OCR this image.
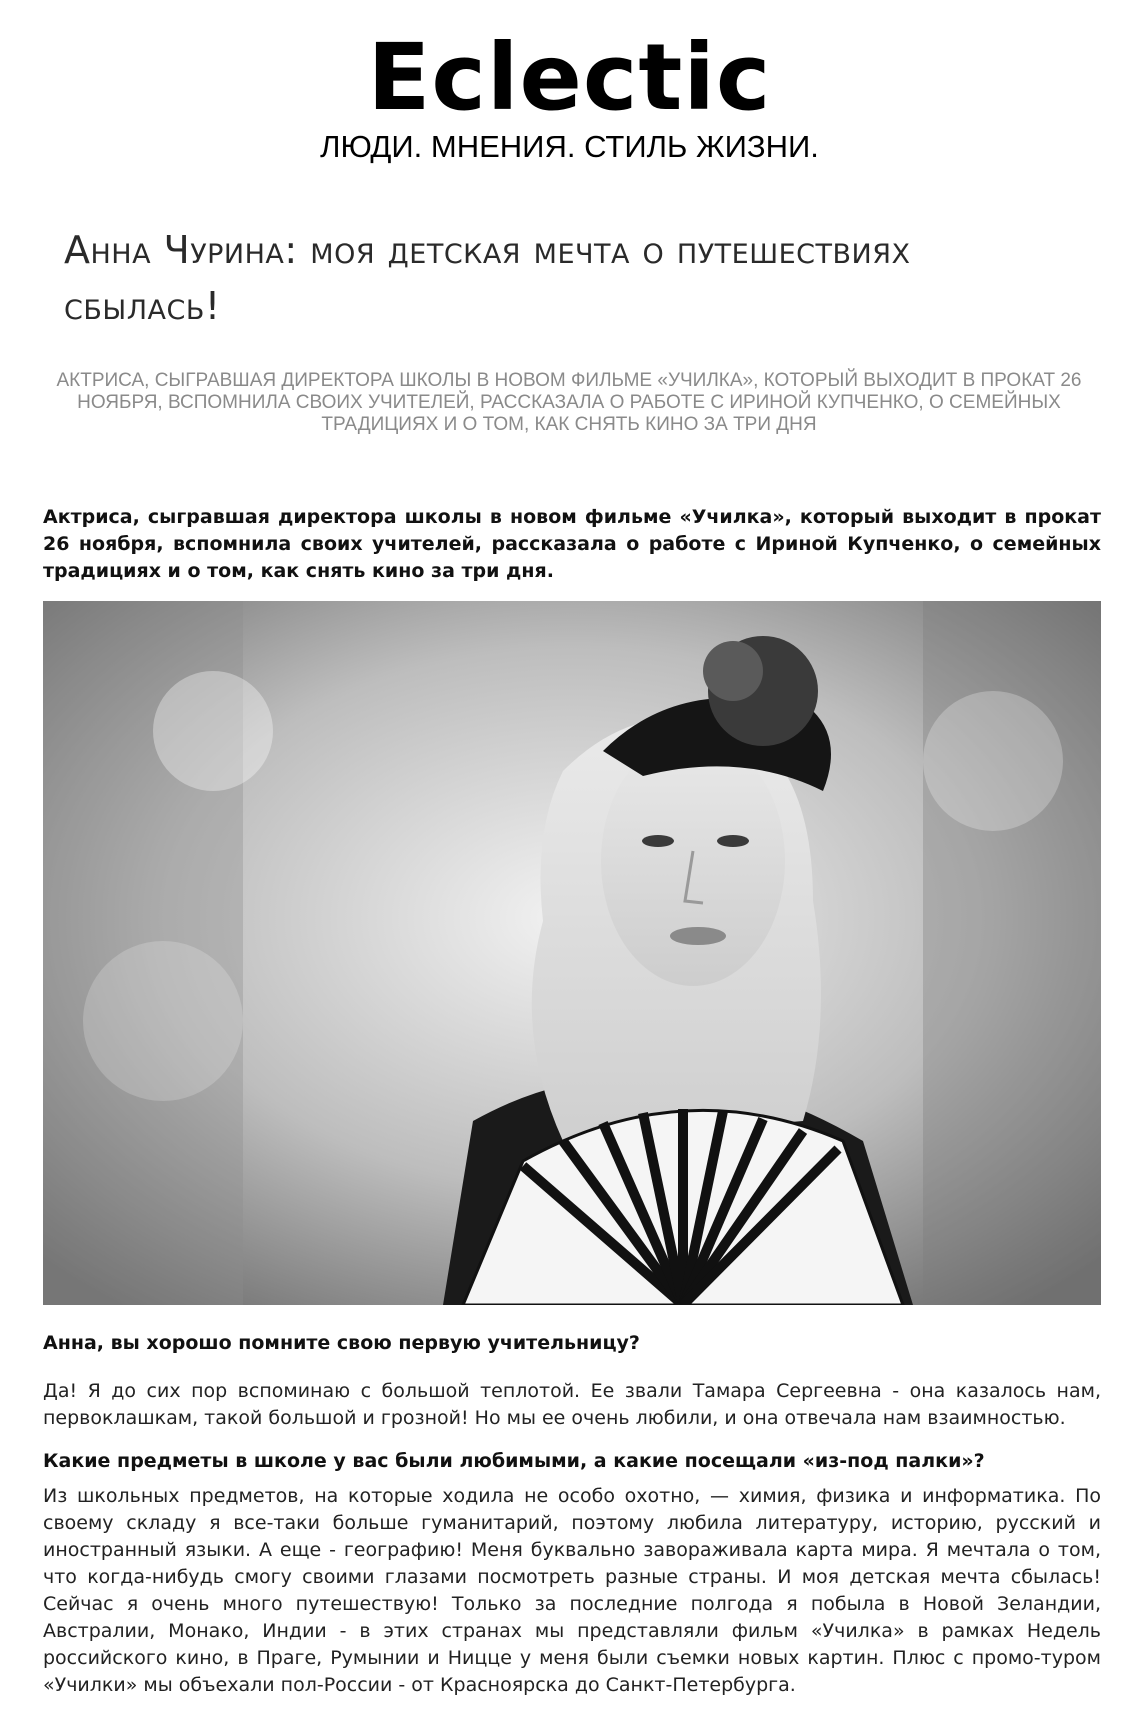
Eclectic
ЛЮДИ. МНЕНИЯ. СТИЛЬ ЖИЗНИ.
Анна Чурина: моя детская мечта о путешествиях сбылась!
АКТРИСА, СЫГРАВШАЯ ДИРЕКТОРА ШКОЛЫ В НОВОМ ФИЛЬМЕ «УЧИЛКА», КОТОРЫЙ ВЫХОДИТ В ПРОКАТ 26 НОЯБРЯ, ВСПОМНИЛА СВОИХ УЧИТЕЛЕЙ, РАССКАЗАЛА О РАБОТЕ С ИРИНОЙ КУПЧЕНКО, О СЕМЕЙНЫХ ТРАДИЦИЯХ И О ТОМ, КАК СНЯТЬ КИНО ЗА ТРИ ДНЯ

Актриса, сыгравшая директора школы в новом фильме «Училка», который выходит в прокат 26 ноября, вспомнила своих учителей, рассказала о работе с Ириной Купченко, о семейных традициях и о том, как снять кино за три дня.

Анна, вы хорошо помните свою первую учительницу?

Да! Я до сих пор вспоминаю с большой теплотой. Ее звали Тамара Сергеевна - она казалось нам, первоклашкам, такой большой и грозной! Но мы ее очень любили, и она отвечала нам взаимностью.

Какие предметы в школе у вас были любимыми, а какие посещали «из-под палки»?

Из школьных предметов, на которые ходила не особо охотно, — химия, физика и информатика. По своему складу я все-таки больше гуманитарий, поэтому любила литературу, историю, русский и иностранный языки. А еще - географию! Меня буквально завораживала карта мира. Я мечтала о том, что когда-нибудь смогу своими глазами посмотреть разные страны. И моя детская мечта сбылась! Сейчас я очень много путешествую! Только за последние полгода я побыла в Новой Зеландии, Австралии, Монако, Индии - в этих странах мы представляли фильм «Училка» в рамках Недель российского кино, в Праге, Румынии и Ницце у меня были съемки новых картин. Плюс с промо-туром «Училки» мы объехали пол-России - от Красноярска до Санкт-Петербурга.
